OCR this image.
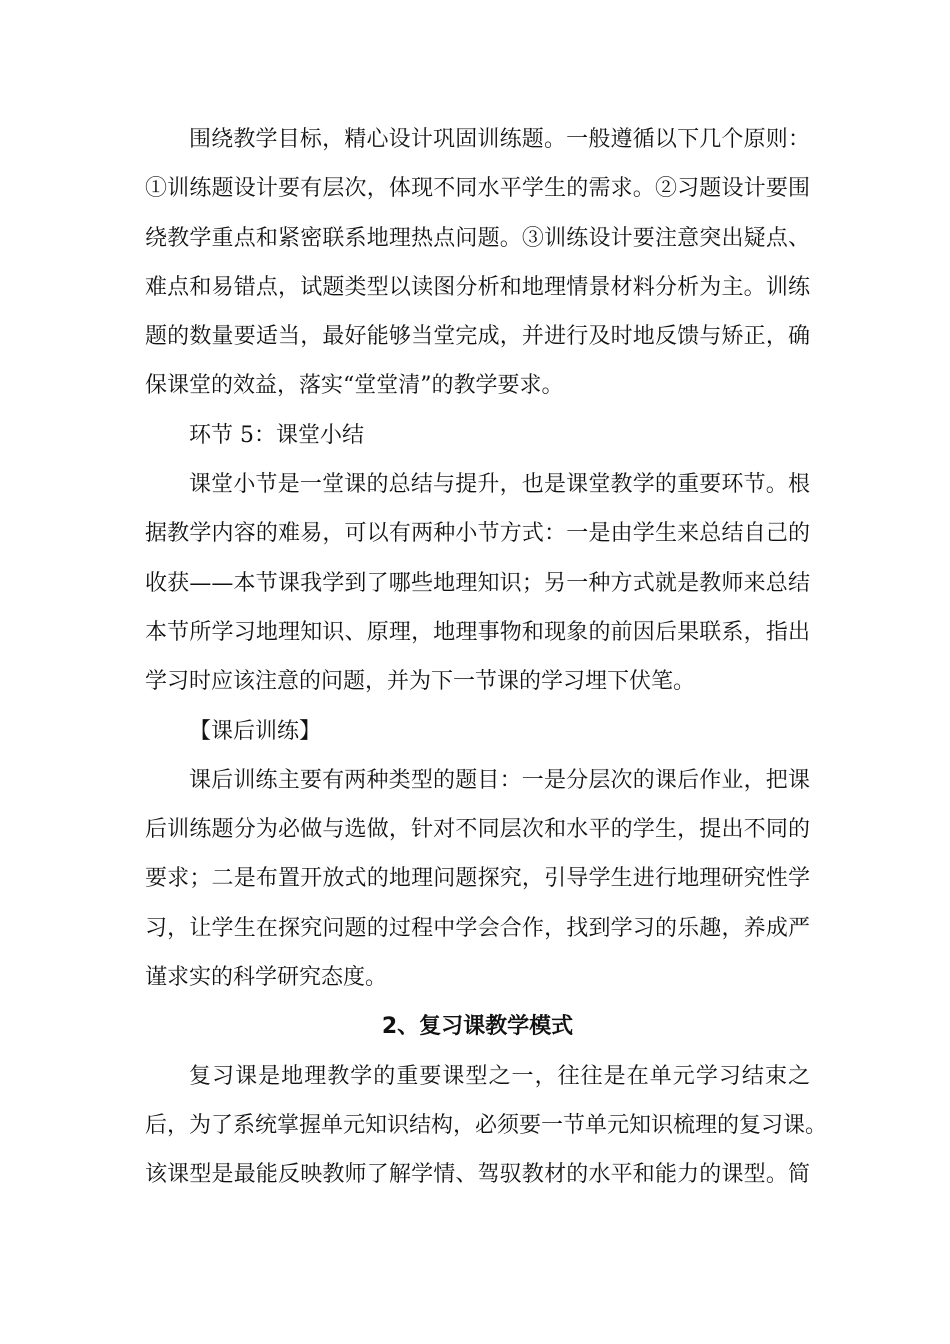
围绕教学目标，精心设计巩固训练题。一般遵循以下几个原则：
①训练题设计要有层次，体现不同水平学生的需求。②习题设计要围
绕教学重点和紧密联系地理热点问题。③训练设计要注意突出疑点、
难点和易错点，试题类型以读图分析和地理情景材料分析为主。训练
题的数量要适当，最好能够当堂完成，并进行及时地反馈与矫正，确
保课堂的效益，落实“堂堂清”的教学要求。
环节 5：课堂小结
课堂小节是一堂课的总结与提升，也是课堂教学的重要环节。根
据教学内容的难易，可以有两种小节方式：一是由学生来总结自己的
收获——本节课我学到了哪些地理知识；另一种方式就是教师来总结
本节所学习地理知识、原理，地理事物和现象的前因后果联系，指出
学习时应该注意的问题，并为下一节课的学习埋下伏笔。
【课后训练】
课后训练主要有两种类型的题目：一是分层次的课后作业，把课
后训练题分为必做与选做，针对不同层次和水平的学生，提出不同的
要求；二是布置开放式的地理问题探究，引导学生进行地理研究性学
习，让学生在探究问题的过程中学会合作，找到学习的乐趣，养成严
谨求实的科学研究态度。
2、复习课教学模式
复习课是地理教学的重要课型之一，往往是在单元学习结束之
后，为了系统掌握单元知识结构，必须要一节单元知识梳理的复习课。
该课型是最能反映教师了解学情、驾驭教材的水平和能力的课型。简
